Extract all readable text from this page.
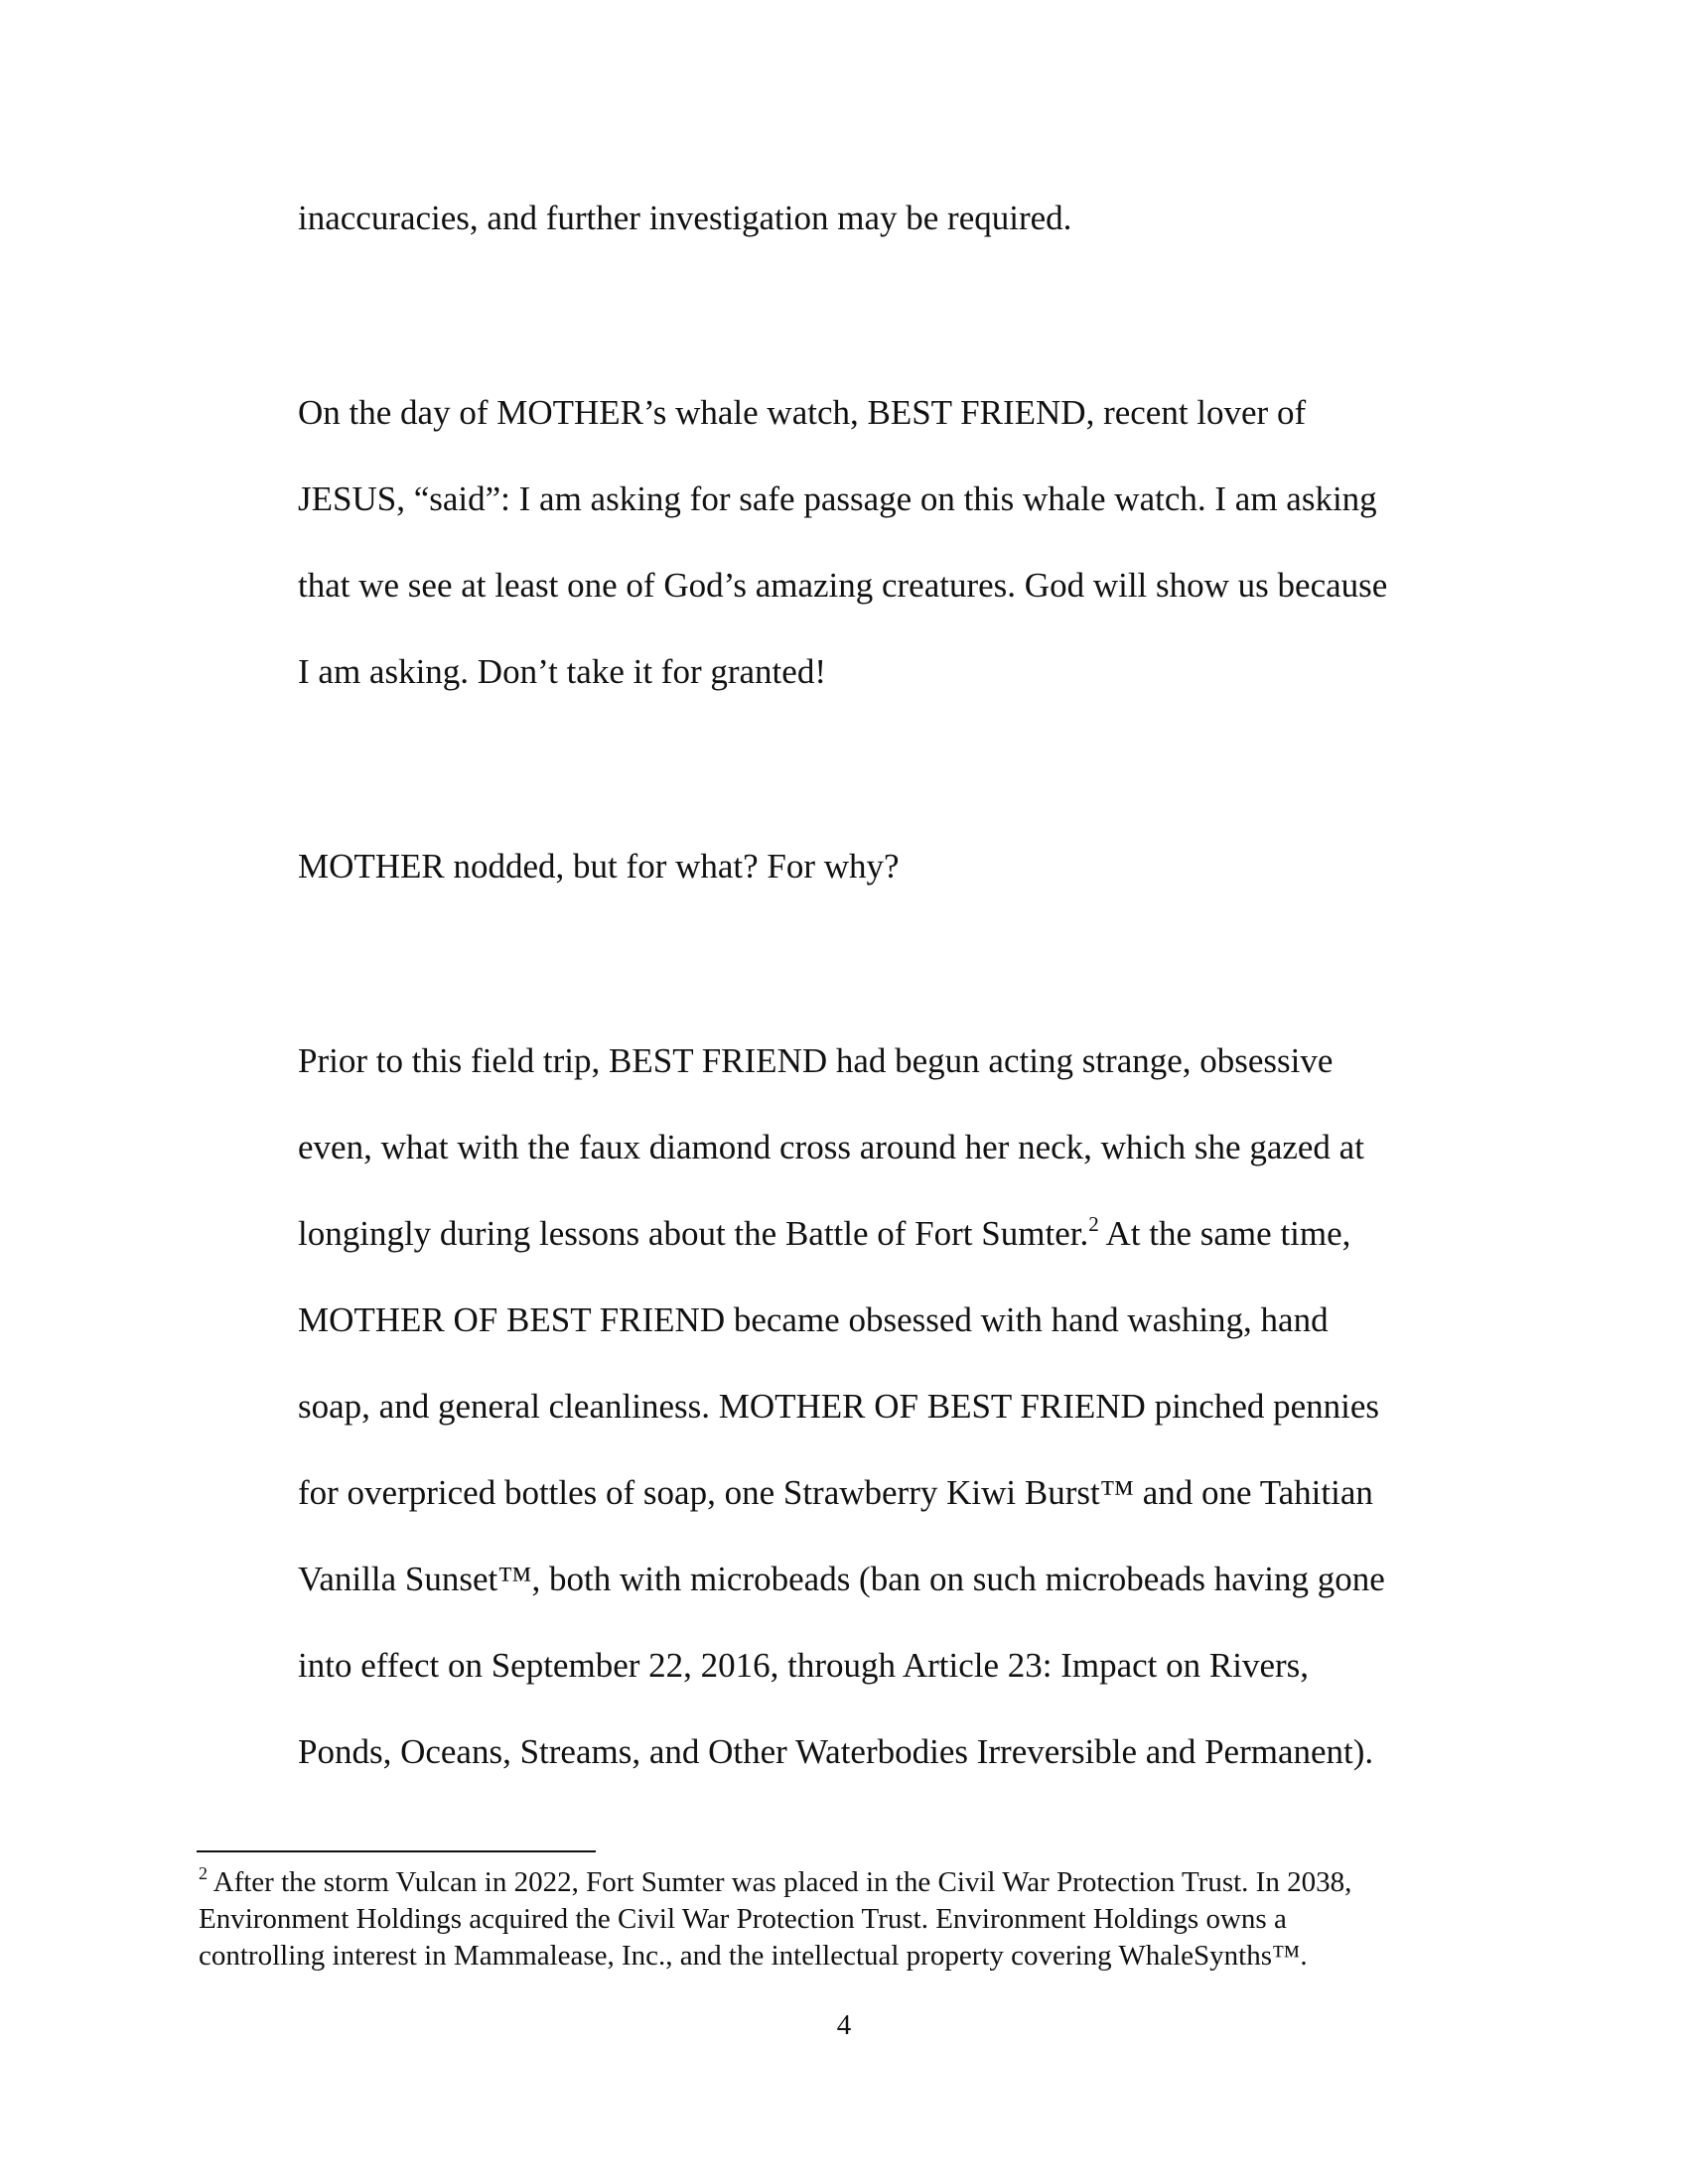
inaccuracies, and further investigation may be required.

On the day of MOTHER’s whale watch, BEST FRIEND, recent lover of

JESUS, “said”: I am asking for safe passage on this whale watch. I am asking

that we see at least one of God’s amazing creatures. God will show us because

I am asking. Don’t take it for granted!

MOTHER nodded, but for what? For why?

Prior to this field trip, BEST FRIEND had begun acting strange, obsessive

even, what with the faux diamond cross around her neck, which she gazed at

longingly during lessons about the Battle of Fort Sumter.$^2$ At the same time,

MOTHER OF BEST FRIEND became obsessed with hand washing, hand

soap, and general cleanliness. MOTHER OF BEST FRIEND pinched pennies

for overpriced bottles of soap, one Strawberry Kiwi Burst™ and one Tahitian

Vanilla Sunset™, both with microbeads (ban on such microbeads having gone

into effect on September 22, 2016, through Article 23: Impact on Rivers,

Ponds, Oceans, Streams, and Other Waterbodies Irreversible and Permanent).

$^2$ After the storm Vulcan in 2022, Fort Sumter was placed in the Civil War Protection Trust. In 2038,

Environment Holdings acquired the Civil War Protection Trust. Environment Holdings owns a

controlling interest in Mammalease, Inc., and the intellectual property covering WhaleSynths™.

4
